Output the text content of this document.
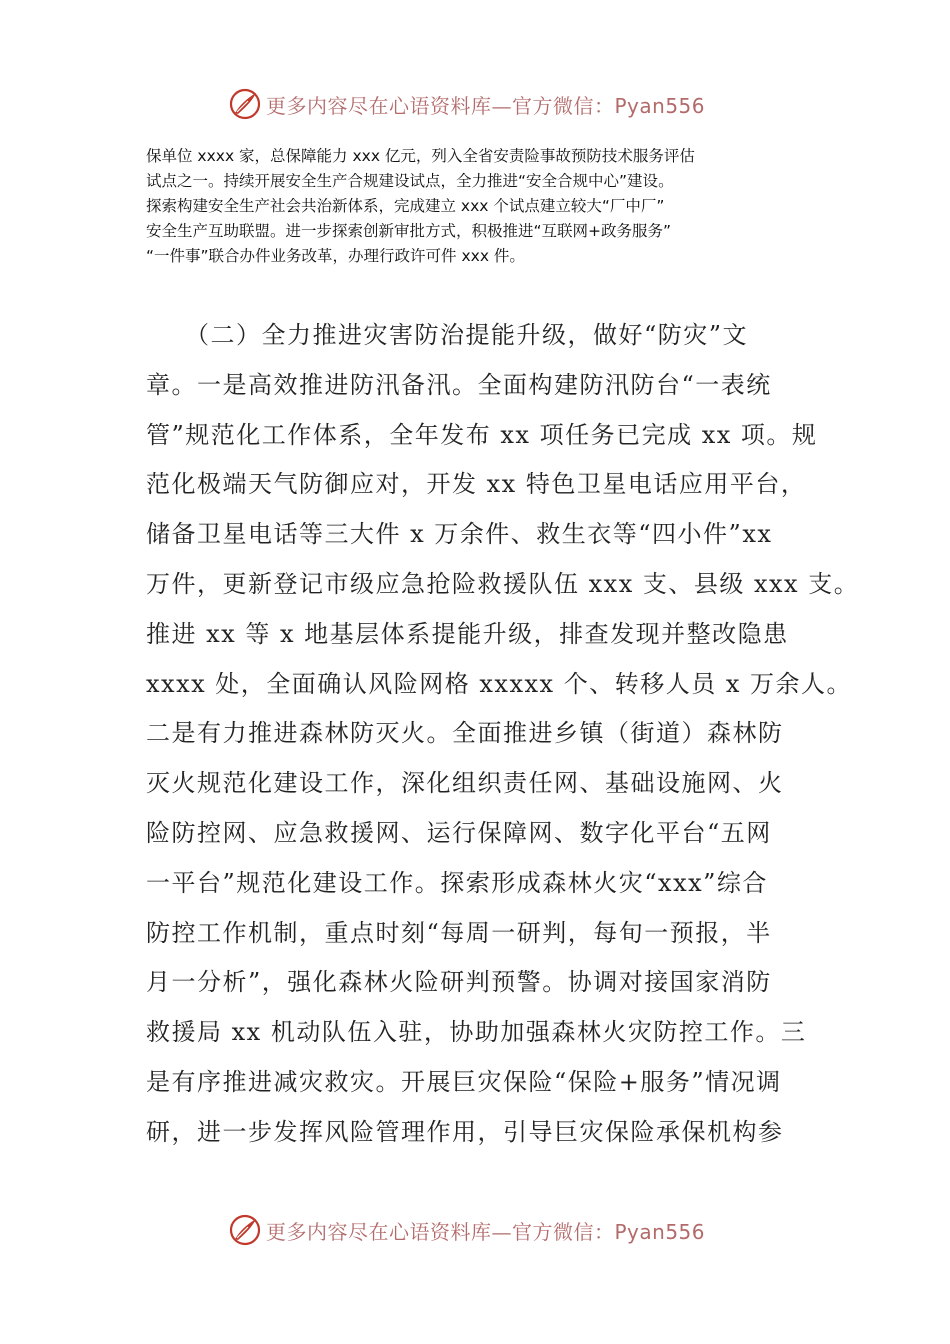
更多内容尽在心语资料库—官方微信：Pyan556
保单位 xxxx 家，总保障能力 xxx 亿元，列入全省安责险事故预防技术服务评估
试点之一。持续开展安全生产合规建设试点，全力推进“安全合规中心”建设。
探索构建安全生产社会共治新体系，完成建立 xxx 个试点建立较大“厂中厂”
安全生产互助联盟。进一步探索创新审批方式，积极推进“互联网+政务服务”
“一件事”联合办件业务改革，办理行政许可件 xxx 件。
　　（二）全力推进灾害防治提能升级，做好“防灾”文
章。一是高效推进防汛备汛。全面构建防汛防台“一表统
管”规范化工作体系，全年发布 xx 项任务已完成 xx 项。规
范化极端天气防御应对，开发 xx 特色卫星电话应用平台，
储备卫星电话等三大件 x 万余件、救生衣等“四小件”xx
万件，更新登记市级应急抢险救援队伍 xxx 支、县级 xxx 支。
推进 xx 等 x 地基层体系提能升级，排查发现并整改隐患
xxxx 处，全面确认风险网格 xxxxx 个、转移人员 x 万余人。
二是有力推进森林防灭火。全面推进乡镇（街道）森林防
灭火规范化建设工作，深化组织责任网、基础设施网、火
险防控网、应急救援网、运行保障网、数字化平台“五网
一平台”规范化建设工作。探索形成森林火灾“xxx”综合
防控工作机制，重点时刻“每周一研判，每旬一预报，半
月一分析”，强化森林火险研判预警。协调对接国家消防
救援局 xx 机动队伍入驻，协助加强森林火灾防控工作。三
是有序推进减灾救灾。开展巨灾保险“保险+服务”情况调
研，进一步发挥风险管理作用，引导巨灾保险承保机构参
更多内容尽在心语资料库—官方微信：Pyan556
